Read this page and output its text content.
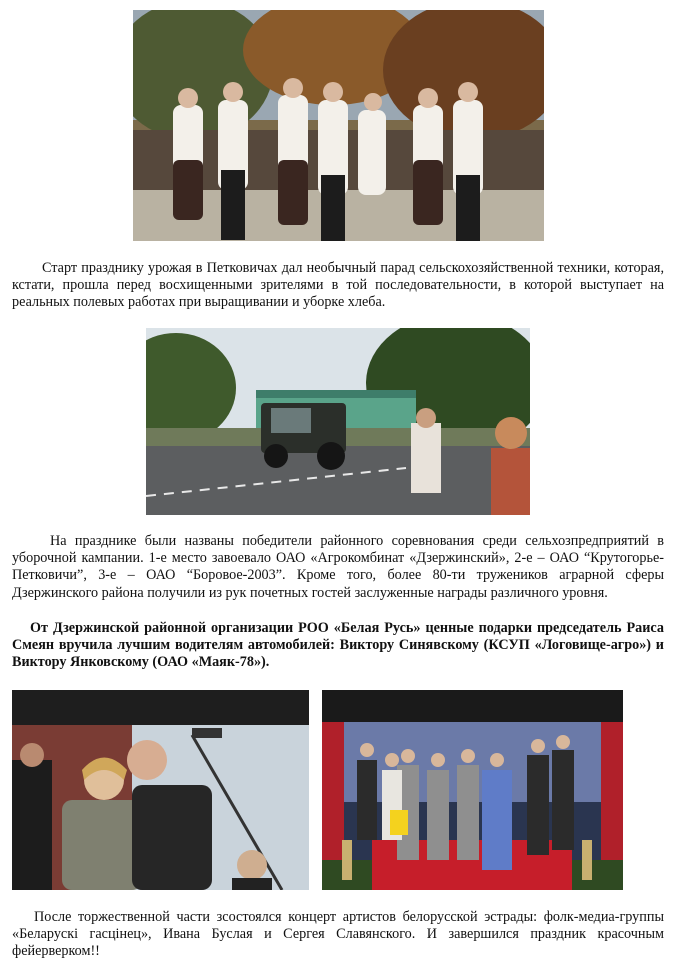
Старт празднику урожая в Петковичах дал необычный парад сельскохозяйственной техники, которая, кстати, прошла перед восхищенными зрителями в той последовательности, в которой выступает на реальных полевых работах при выращивании и уборке хлеба.

На празднике были названы победители районного соревнования среди сельхозпредприятий в уборочной кампании. 1-е место завоевало ОАО «Агрокомбинат «Дзержинский», 2-е – ОАО “Крутогорье-Петковичи”, 3-е – ОАО “Боровое-2003”. Кроме того, более 80-ти тружеников аграрной сферы Дзержинского района получили из рук почетных гостей заслуженные награды различного уровня.

От Дзержинской районной организации РОО «Белая Русь» ценные подарки председатель Раиса Смеян вручила лучшим водителям автомобилей: Виктору Синявскому (КСУП «Логовище-агро») и Виктору Янковскому (ОАО «Маяк-78»).

После торжественной части зсостоялся концерт артистов белорусской эстрады: фолк-медиа-группы «Беларускі гасцінец», Ивана Буслая и Сергея Славянского. И завершился праздник красочным фейерверком!!
